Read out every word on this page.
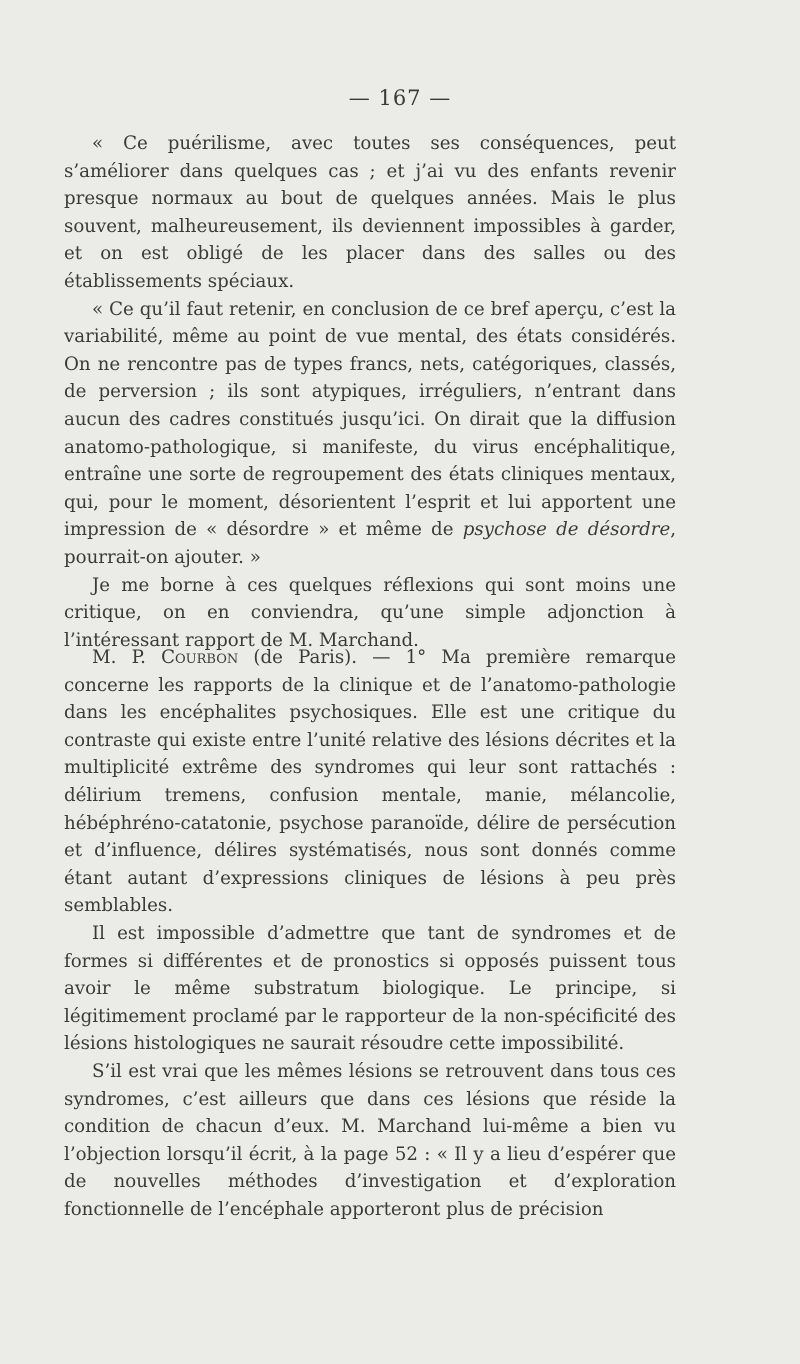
— 167 —

« Ce puérilisme, avec toutes ses conséquences, peut s’améliorer dans quelques cas ; et j’ai vu des enfants revenir presque normaux au bout de quelques années. Mais le plus souvent, malheureusement, ils deviennent impossibles à garder, et on est obligé de les placer dans des salles ou des établissements spéciaux.

« Ce qu’il faut retenir, en conclusion de ce bref aperçu, c’est la variabilité, même au point de vue mental, des états considérés. On ne rencontre pas de types francs, nets, catégoriques, classés, de perversion ; ils sont atypiques, irréguliers, n’entrant dans aucun des cadres constitués jusqu’ici. On dirait que la diffusion anatomo-pathologique, si manifeste, du virus encéphalitique, entraîne une sorte de regroupement des états cliniques mentaux, qui, pour le moment, désorientent l’esprit et lui apportent une impression de « désordre » et même de psychose de désordre, pourrait-on ajouter. »

Je me borne à ces quelques réflexions qui sont moins une critique, on en conviendra, qu’une simple adjonction à l’intéressant rapport de M. Marchand.

M. P. Courbon (de Paris). — 1° Ma première remarque concerne les rapports de la clinique et de l’anatomo-pathologie dans les encéphalites psychosiques. Elle est une critique du contraste qui existe entre l’unité relative des lésions décrites et la multiplicité extrême des syndromes qui leur sont rattachés : délirium tremens, confusion mentale, manie, mélancolie, hébéphréno-catatonie, psychose paranoïde, délire de persécution et d’influence, délires systématisés, nous sont donnés comme étant autant d’expressions cliniques de lésions à peu près semblables.

Il est impossible d’admettre que tant de syndromes et de formes si différentes et de pronostics si opposés puissent tous avoir le même substratum biologique. Le principe, si légitimement proclamé par le rapporteur de la non-spécificité des lésions histologiques ne saurait résoudre cette impossibilité.

S’il est vrai que les mêmes lésions se retrouvent dans tous ces syndromes, c’est ailleurs que dans ces lésions que réside la condition de chacun d’eux. M. Marchand lui-même a bien vu l’objection lorsqu’il écrit, à la page 52 : « Il y a lieu d’espérer que de nouvelles méthodes d’investigation et d’exploration fonctionnelle de l’encéphale apporteront plus de précision
